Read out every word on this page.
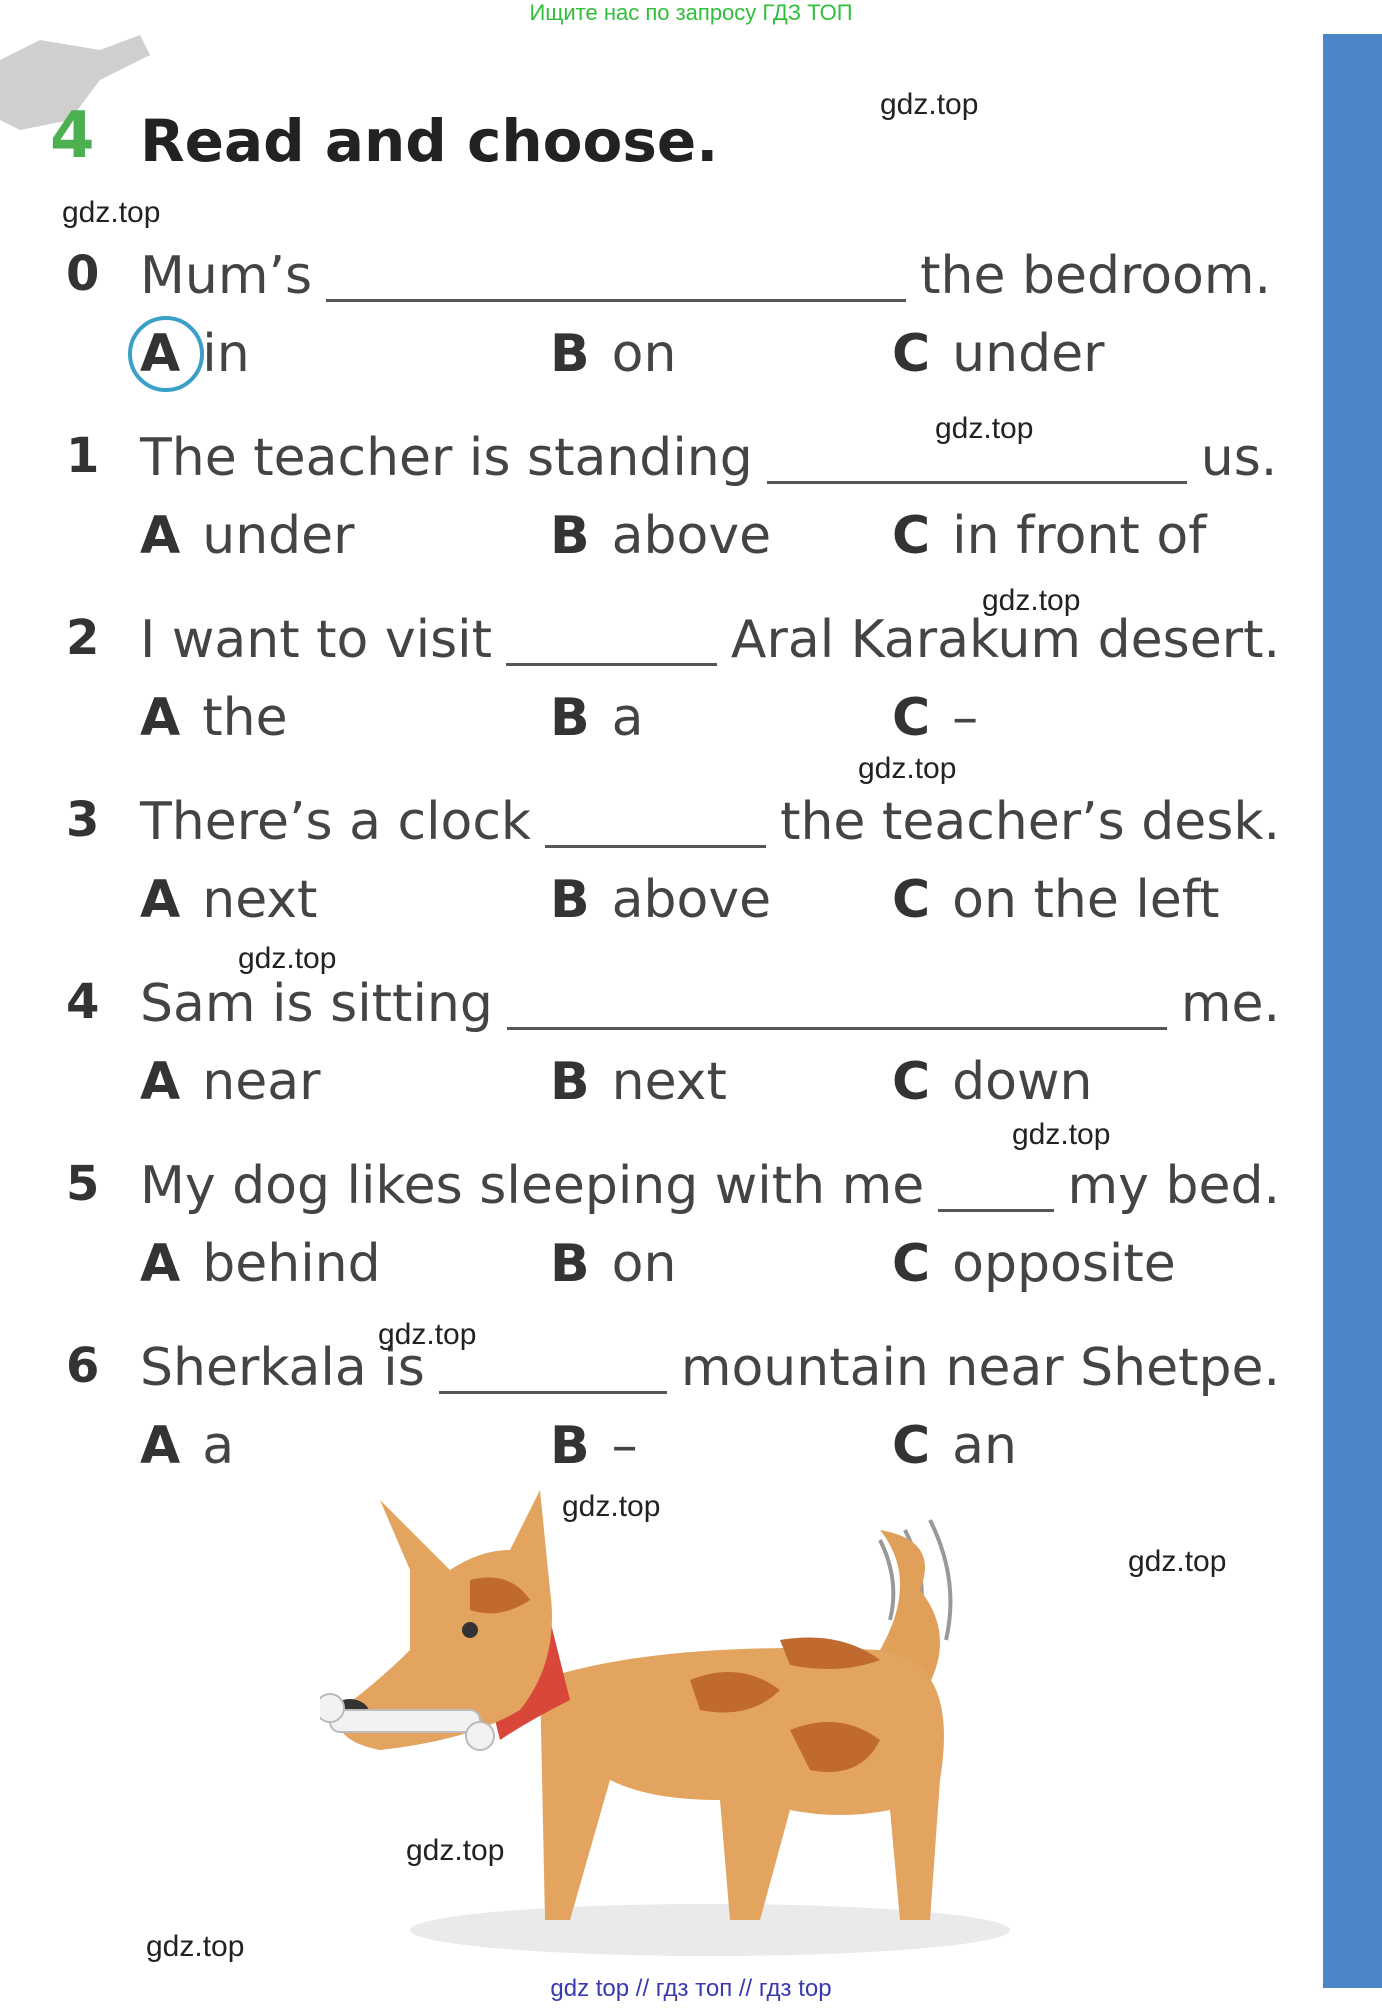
Ищите нас по запросу ГДЗ ТОП
4 Read and choose.
0 Mum’s	the bedroom.
A in	B on	C under
1 The teacher is standing	us.
A under	B above C in front of
2 I want to visit	Aral Karakum desert.
A the	B a	C –
3 There’s a clock	the teacher’s desk.
A next	B above C on the left
4 Sam is sitting	me.
A near	B next	C down
5 My dog likes sleeping with me	my bed.
A behind	B on	C opposite
6 Sherkala is	mountain near Shetpe.
A a	B –	C an
gdz.top
gdz.top
gdz.top
gdz.top
gdz.top
gdz.top
gdz.top
gdz.top
gdz.top
gdz.top
gdz.top
gdz.top
gdz top // гдз топ // гдз top
